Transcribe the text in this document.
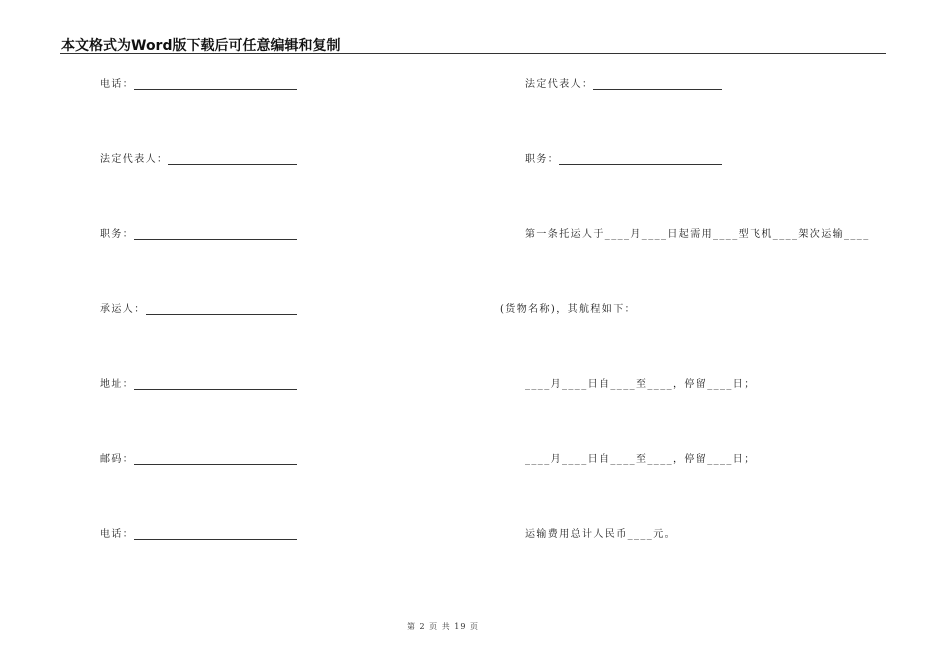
本文格式为Word版下载后可任意编辑和复制
电话：
法定代表人：
职务：
承运人：
地址：
邮码：
电话：
法定代表人：
职务：
第一条托运人于____月____日起需用____型飞机____架次运输____
(货物名称)，其航程如下：
____月____日自____至____，停留____日；
____月____日自____至____，停留____日；
运输费用总计人民币____元。
第 2 页 共 19 页
